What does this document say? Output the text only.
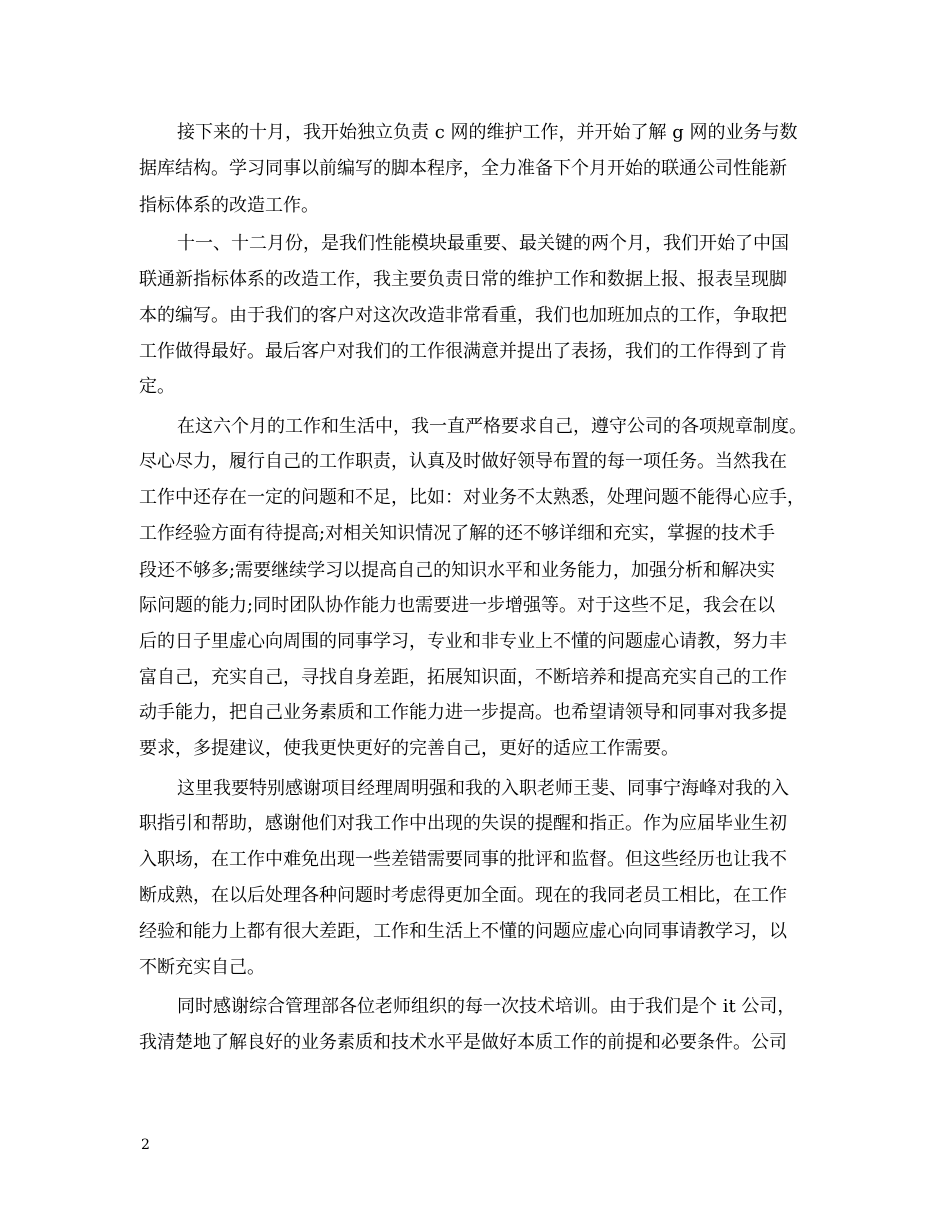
接下来的十月，我开始独立负责 c 网的维护工作，并开始了解 g 网的业务与数
据库结构。学习同事以前编写的脚本程序，全力准备下个月开始的联通公司性能新
指标体系的改造工作。
十一、十二月份，是我们性能模块最重要、最关键的两个月，我们开始了中国
联通新指标体系的改造工作，我主要负责日常的维护工作和数据上报、报表呈现脚
本的编写。由于我们的客户对这次改造非常看重，我们也加班加点的工作，争取把
工作做得最好。最后客户对我们的工作很满意并提出了表扬，我们的工作得到了肯
定。
在这六个月的工作和生活中，我一直严格要求自己，遵守公司的各项规章制度。
尽心尽力，履行自己的工作职责，认真及时做好领导布置的每一项任务。当然我在
工作中还存在一定的问题和不足，比如：对业务不太熟悉，处理问题不能得心应手，
工作经验方面有待提高;对相关知识情况了解的还不够详细和充实，掌握的技术手
段还不够多;需要继续学习以提高自己的知识水平和业务能力，加强分析和解决实
际问题的能力;同时团队协作能力也需要进一步增强等。对于这些不足，我会在以
后的日子里虚心向周围的同事学习，专业和非专业上不懂的问题虚心请教，努力丰
富自己，充实自己，寻找自身差距，拓展知识面，不断培养和提高充实自己的工作
动手能力，把自己业务素质和工作能力进一步提高。也希望请领导和同事对我多提
要求，多提建议，使我更快更好的完善自己，更好的适应工作需要。
这里我要特别感谢项目经理周明强和我的入职老师王斐、同事宁海峰对我的入
职指引和帮助，感谢他们对我工作中出现的失误的提醒和指正。作为应届毕业生初
入职场，在工作中难免出现一些差错需要同事的批评和监督。但这些经历也让我不
断成熟，在以后处理各种问题时考虑得更加全面。现在的我同老员工相比，在工作
经验和能力上都有很大差距，工作和生活上不懂的问题应虚心向同事请教学习，以
不断充实自己。
同时感谢综合管理部各位老师组织的每一次技术培训。由于我们是个 it 公司，
我清楚地了解良好的业务素质和技术水平是做好本质工作的前提和必要条件。公司
2
